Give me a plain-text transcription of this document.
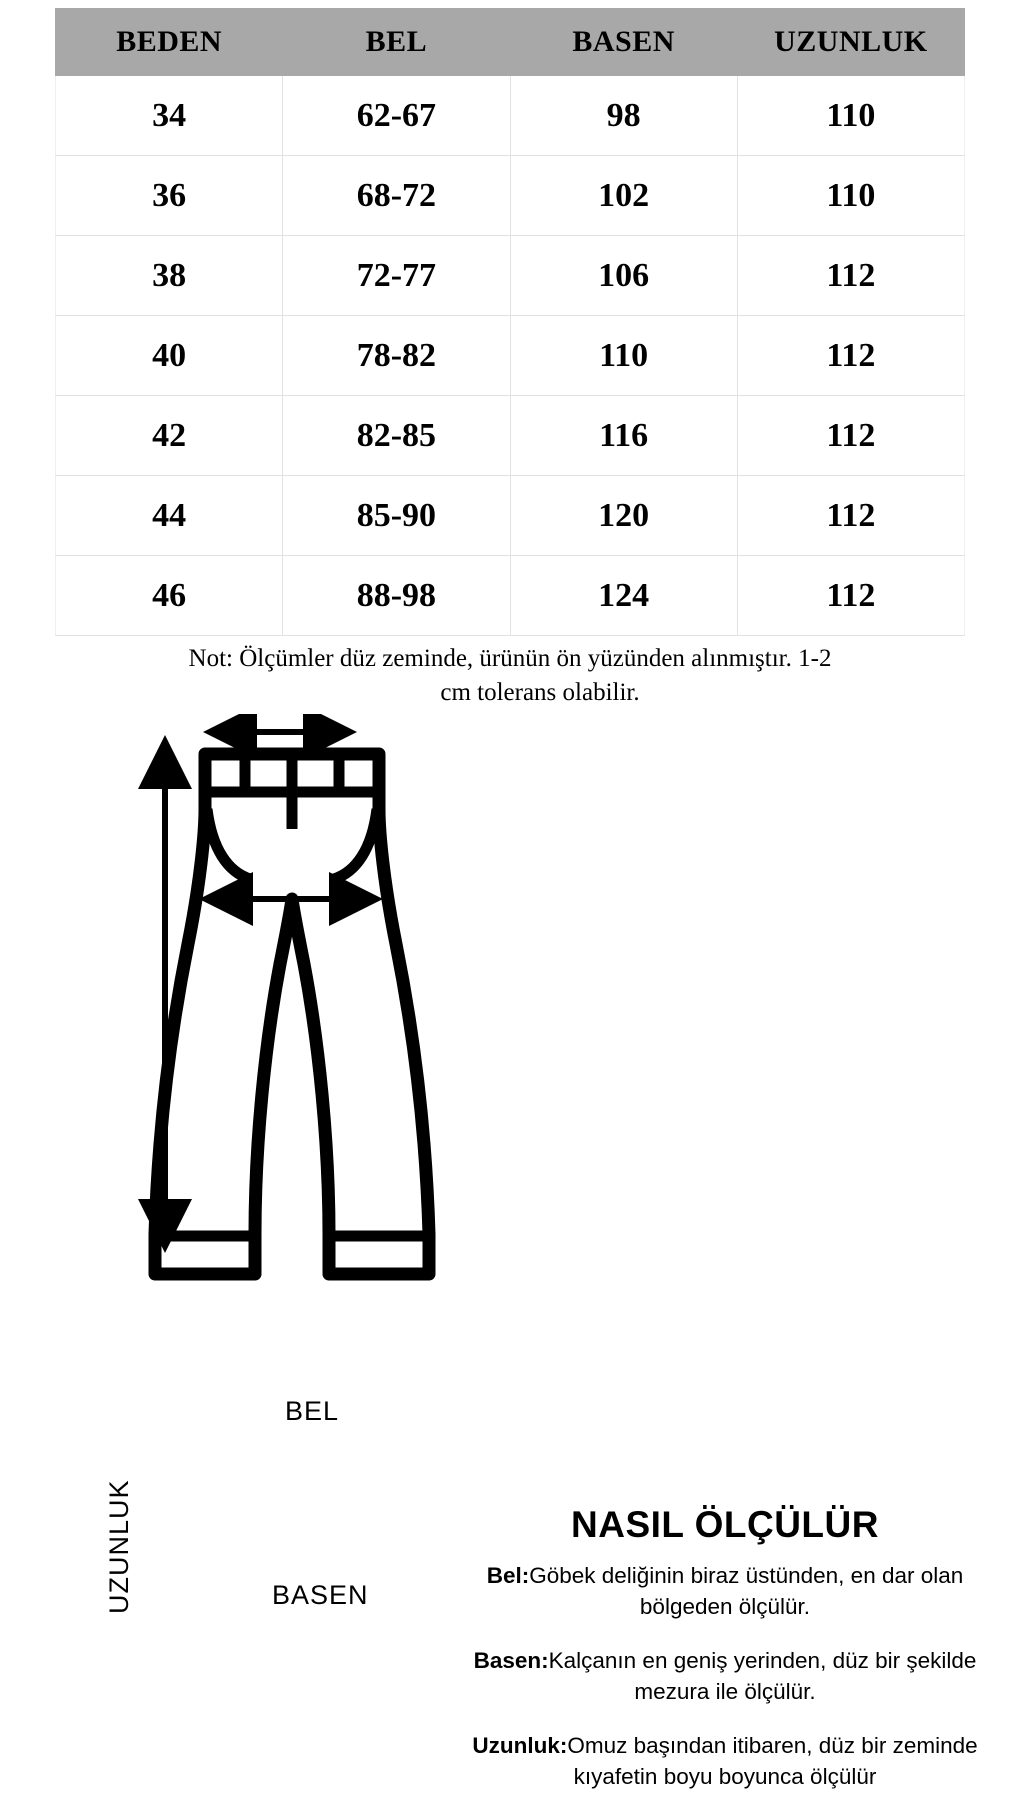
BEDEN	BEL	BASEN	UZUNLUK
34	62-67	98	110
36	68-72	102	110
38	72-77	106	112
40	78-82	110	112
42	82-85	116	112
44	85-90	120	112
46	88-98	124	112
Not: Ölçümler düz zeminde, ürünün ön yüzünden alınmıştır. 1-2
cm tolerans olabilir.
BEL
BASEN
UZUNLUK	NASIL ÖLÇÜLÜR

Bel:Göbek deliğinin biraz üstünden, en dar olan bölgeden ölçülür.

Basen:Kalçanın en geniş yerinden, düz bir şekilde mezura ile ölçülür.

Uzunluk:Omuz başından itibaren, düz bir zeminde kıyafetin boyu boyunca ölçülür
